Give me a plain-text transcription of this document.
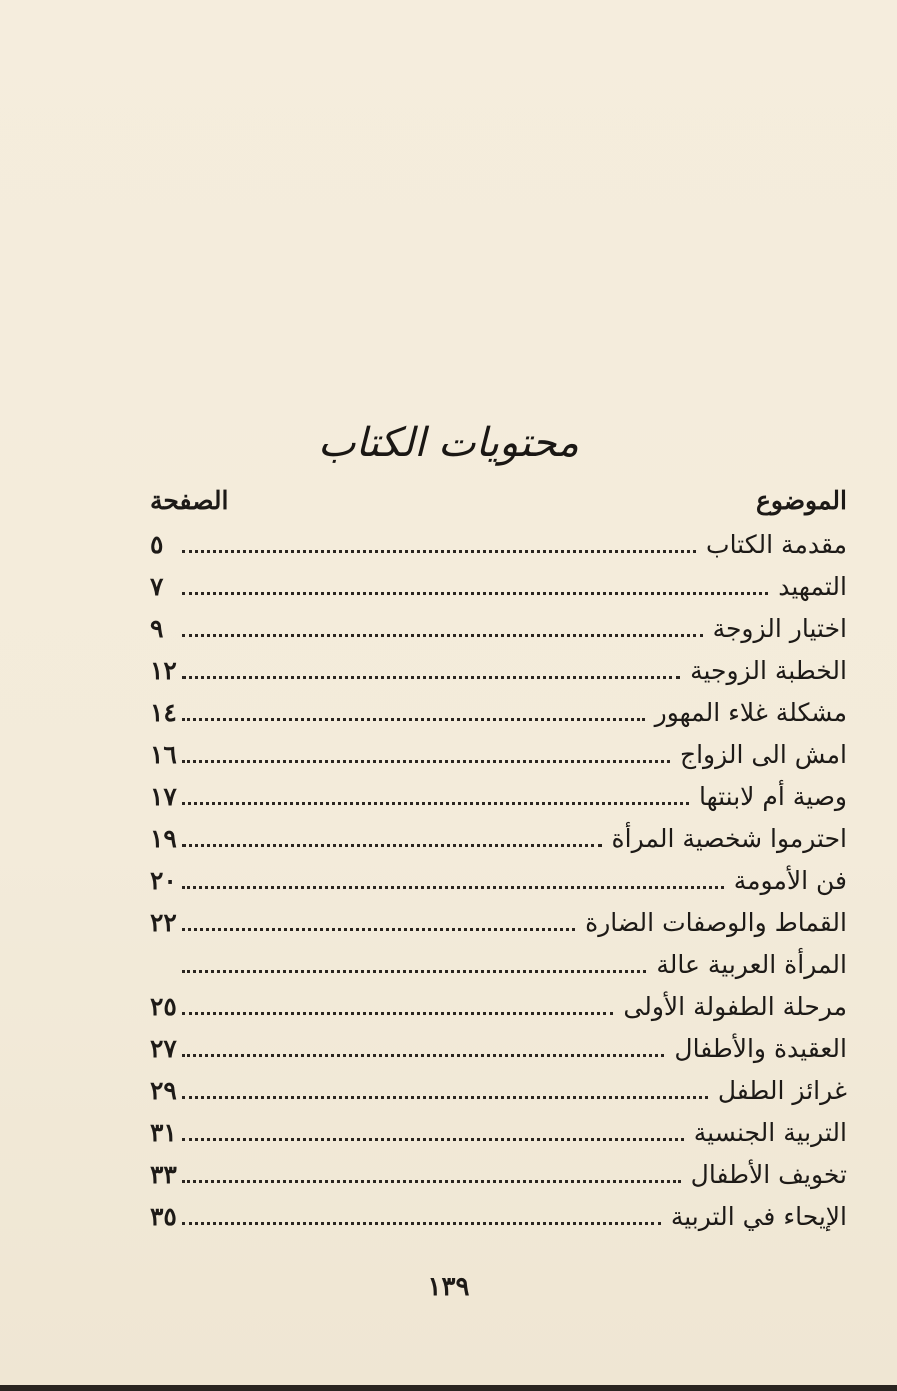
محتويات الكتاب
الموضوع
الصفحة
مقدمة الكتاب
٥
التمهيد
٧
اختيار الزوجة
٩
الخطبة الزوجية
١٢
مشكلة غلاء المهور
١٤
امش الى الزواج
١٦
وصية أم لابنتها
١٧
احترموا شخصية المرأة
١٩
فن الأمومة
٢٠
القماط والوصفات الضارة
٢٢
المرأة العربية عالة
مرحلة الطفولة الأولى
٢٥
العقيدة والأطفال
٢٧
غرائز الطفل
٢٩
التربية الجنسية
٣١
تخويف الأطفال
٣٣
الإيحاء في التربية
٣٥
١٣٩
